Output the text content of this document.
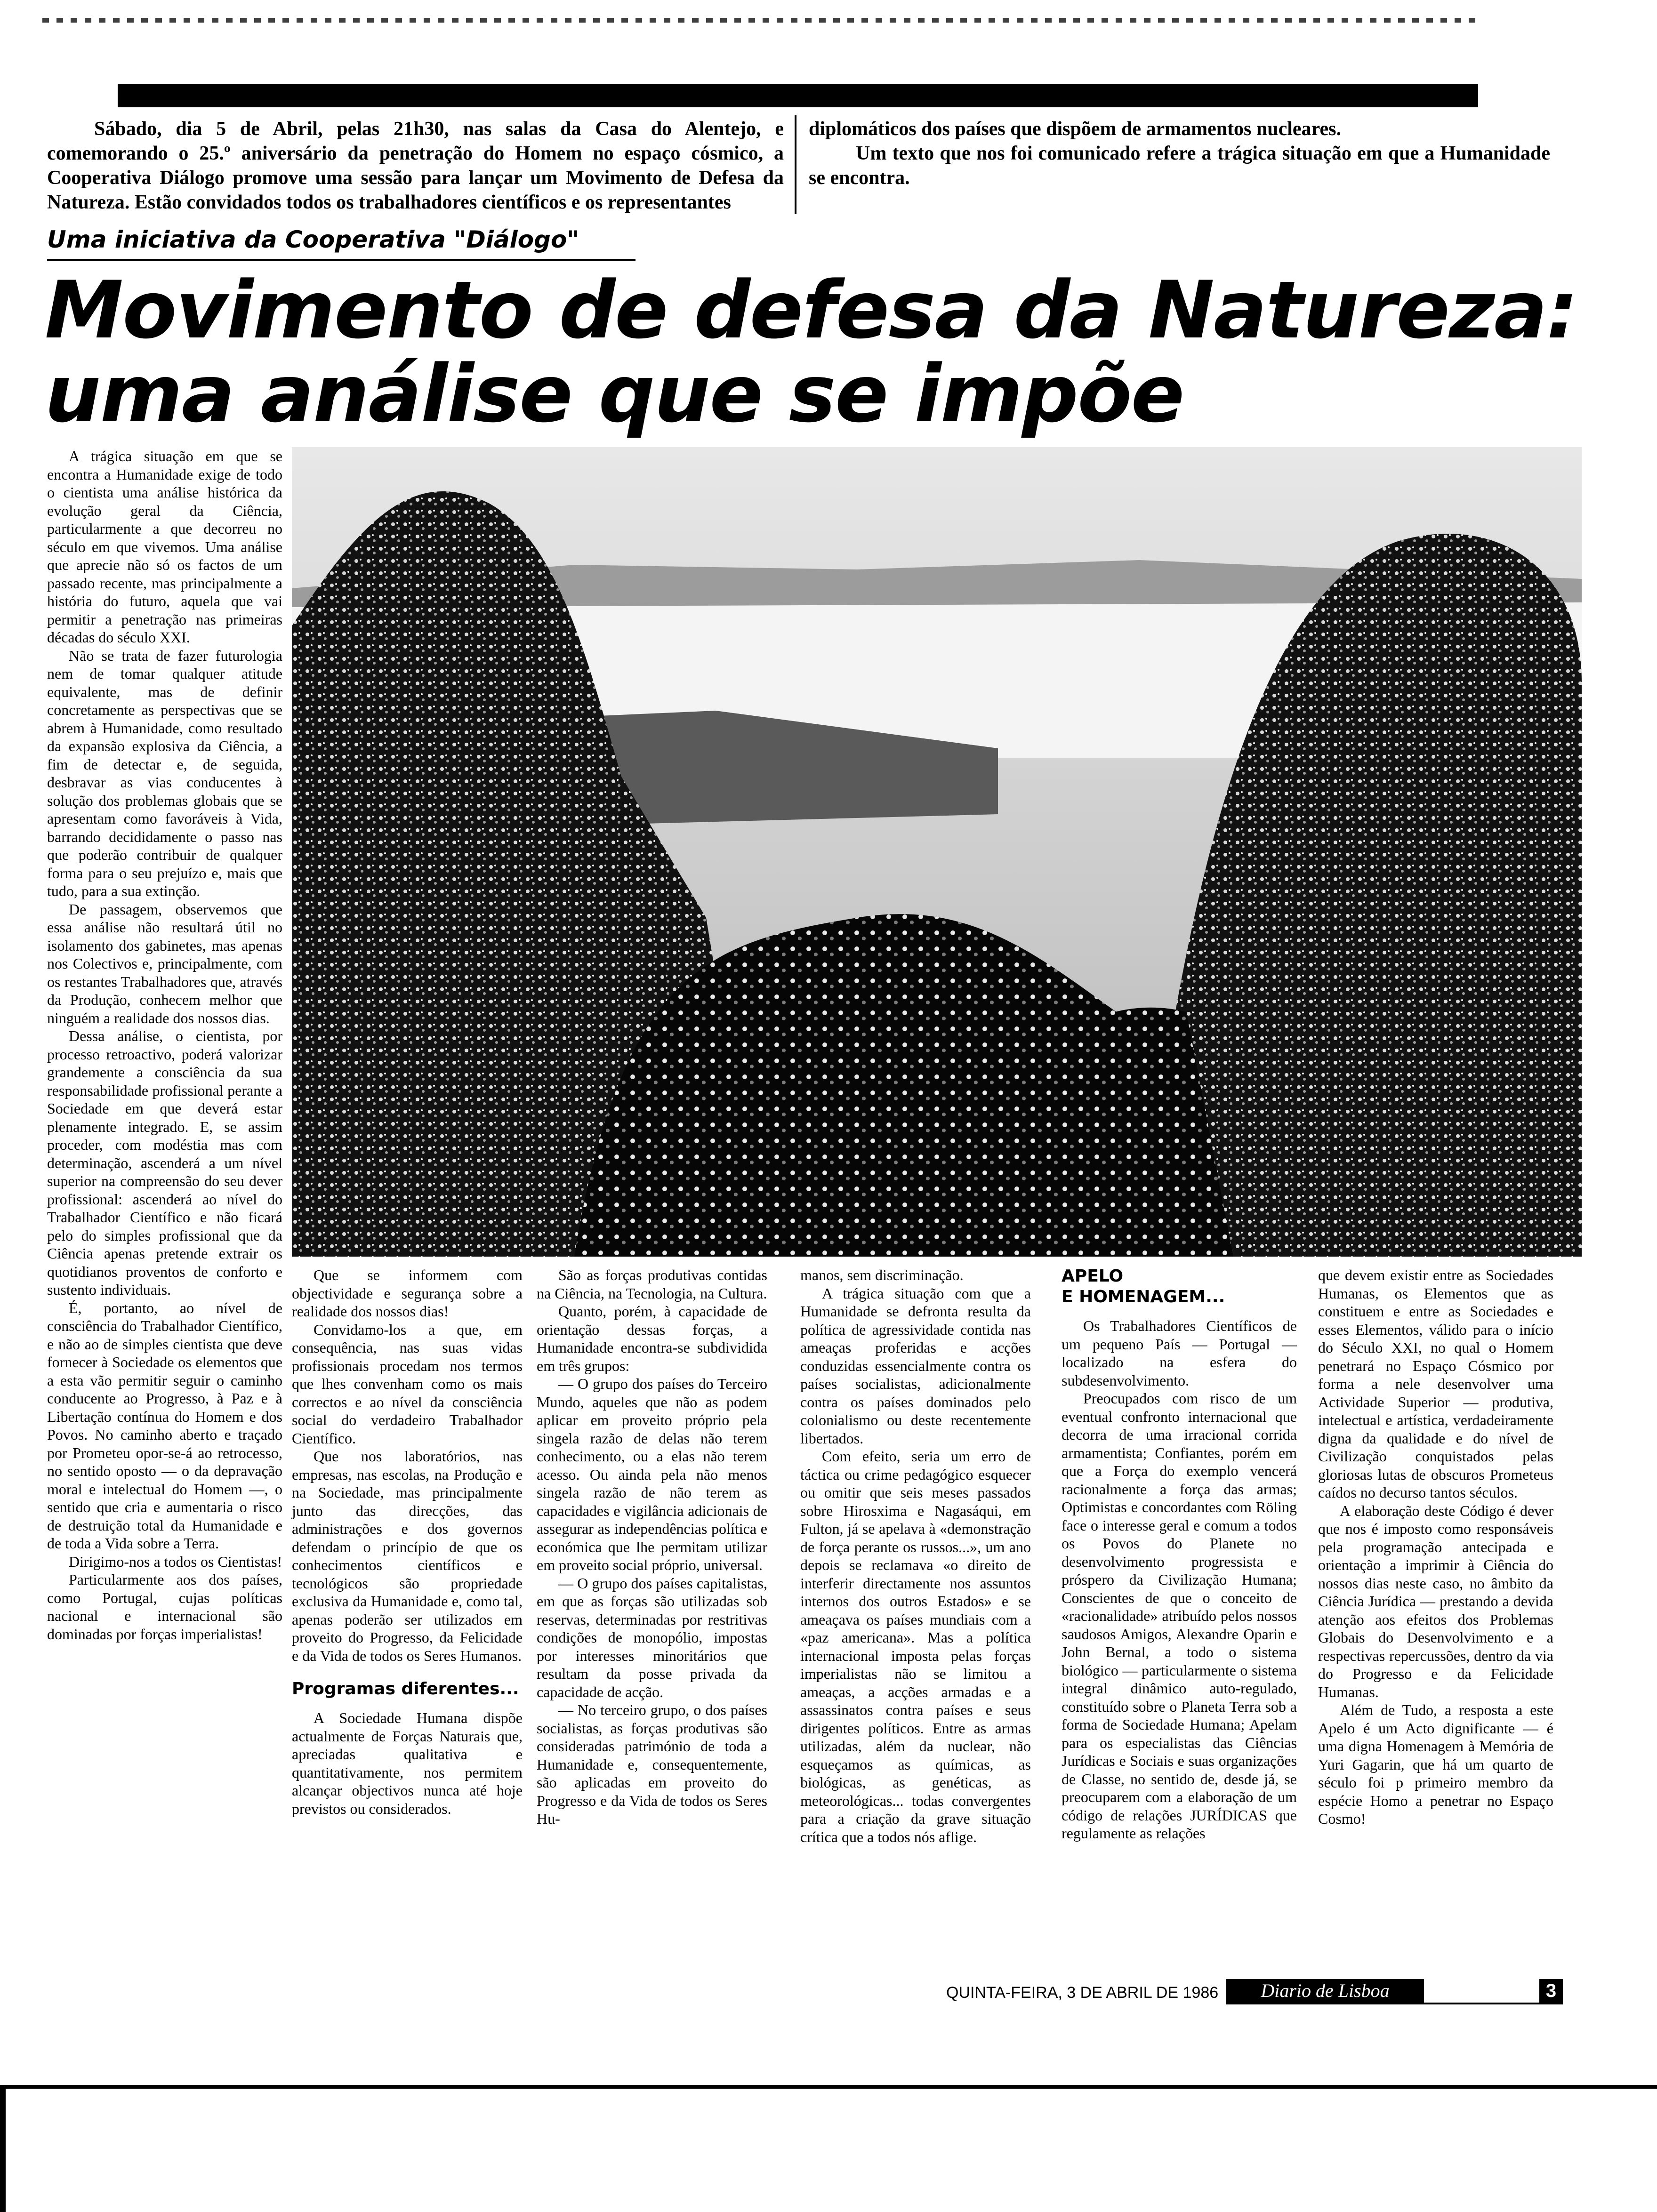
Sábado, dia 5 de Abril, pelas 21h30, nas salas da Casa do Alentejo, e comemorando o 25.º aniversário da penetração do Homem no espaço cósmico, a Cooperativa Diálogo promove uma sessão para lançar um Movimento de Defesa da Natureza. Estão convidados todos os trabalhadores científicos e os representantes

diplomáticos dos países que dispõem de armamentos nucleares.

Um texto que nos foi comunicado refere a trágica situação em que a Humanidade se encontra.

Uma iniciativa da Cooperativa "Diálogo"
Movimento de defesa da Natureza:
uma análise que se impõe

A trágica situação em que se encontra a Humanidade exige de todo o cientista uma análise histórica da evolução geral da Ciência, particularmente a que decorreu no século em que vivemos. Uma análise que aprecie não só os factos de um passado recente, mas principalmente a história do futuro, aquela que vai permitir a penetração nas primeiras décadas do século XXI.

Não se trata de fazer futurologia nem de tomar qualquer atitude equivalente, mas de definir concretamente as perspectivas que se abrem à Humanidade, como resultado da expansão explosiva da Ciência, a fim de detectar e, de seguida, desbravar as vias conducentes à solução dos problemas globais que se apresentam como favoráveis à Vida, barrando decididamente o passo nas que poderão contribuir de qualquer forma para o seu prejuízo e, mais que tudo, para a sua extinção.

De passagem, observemos que essa análise não resultará útil no isolamento dos gabinetes, mas apenas nos Colectivos e, principalmente, com os restantes Trabalhadores que, através da Produção, conhecem melhor que ninguém a realidade dos nossos dias.

Dessa análise, o cientista, por processo retroactivo, poderá valorizar grandemente a consciência da sua responsabilidade profissional perante a Sociedade em que deverá estar plenamente integrado. E, se assim proceder, com modéstia mas com determinação, ascenderá a um nível superior na compreensão do seu dever profissional: ascenderá ao nível do Trabalhador Científico e não ficará pelo do simples profissional que da Ciência apenas pretende extrair os quotidianos proventos de conforto e sustento individuais.

É, portanto, ao nível de consciência do Trabalhador Científico, e não ao de simples cientista que deve fornecer à Sociedade os elementos que a esta vão permitir seguir o caminho conducente ao Progresso, à Paz e à Libertação contínua do Homem e dos Povos. No caminho aberto e traçado por Prometeu opor-se-á ao retrocesso, no sentido oposto — o da depravação moral e intelectual do Homem —, o sentido que cria e aumentaria o risco de destruição total da Humanidade e de toda a Vida sobre a Terra.

Dirigimo-nos a todos os Cientistas!

Particularmente aos dos países, como Portugal, cujas políticas nacional e internacional são dominadas por forças imperialistas!

Que se informem com objectividade e segurança sobre a realidade dos nossos dias!

Convidamo-los a que, em consequência, nas suas vidas profissionais procedam nos termos que lhes convenham como os mais correctos e ao nível da consciência social do verdadeiro Trabalhador Científico.

Que nos laboratórios, nas empresas, nas escolas, na Produção e na Sociedade, mas principalmente junto das direcções, das administrações e dos governos defendam o princípio de que os conhecimentos científicos e tecnológicos são propriedade exclusiva da Humanidade e, como tal, apenas poderão ser utilizados em proveito do Progresso, da Felicidade e da Vida de todos os Seres Humanos.

Programas diferentes...

A Sociedade Humana dispõe actualmente de Forças Naturais que, apreciadas qualitativa e quantitativamente, nos permitem alcançar objectivos nunca até hoje previstos ou considerados.

São as forças produtivas contidas na Ciência, na Tecnologia, na Cultura.

Quanto, porém, à capacidade de orientação dessas forças, a Humanidade encontra-se subdividida em três grupos:

— O grupo dos países do Terceiro Mundo, aqueles que não as podem aplicar em proveito próprio pela singela razão de delas não terem conhecimento, ou a elas não terem acesso. Ou ainda pela não menos singela razão de não terem as capacidades e vigilância adicionais de assegurar as independências política e económica que lhe permitam utilizar em proveito social próprio, universal.

— O grupo dos países capitalistas, em que as forças são utilizadas sob reservas, determinadas por restritivas condições de monopólio, impostas por interesses minoritários que resultam da posse privada da capacidade de acção.

— No terceiro grupo, o dos países socialistas, as forças produtivas são consideradas património de toda a Humanidade e, consequentemente, são aplicadas em proveito do Progresso e da Vida de todos os Seres Hu-

manos, sem discriminação.

A trágica situação com que a Humanidade se defronta resulta da política de agressividade contida nas ameaças proferidas e acções conduzidas essencialmente contra os países socialistas, adicionalmente contra os países dominados pelo colonialismo ou deste recentemente libertados.

Com efeito, seria um erro de táctica ou crime pedagógico esquecer ou omitir que seis meses passados sobre Hirosxima e Nagasáqui, em Fulton, já se apelava à «demonstração de força perante os russos...», um ano depois se reclamava «o direito de interferir directamente nos assuntos internos dos outros Estados» e se ameaçava os países mundiais com a «paz americana». Mas a política internacional imposta pelas forças imperialistas não se limitou a ameaças, a acções armadas e a assassinatos contra países e seus dirigentes políticos. Entre as armas utilizadas, além da nuclear, não esqueçamos as químicas, as biológicas, as genéticas, as meteorológicas... todas convergentes para a criação da grave situação crítica que a todos nós aflige.

APELO
E HOMENAGEM...

Os Trabalhadores Científicos de um pequeno País — Portugal — localizado na esfera do subdesenvolvimento.

Preocupados com risco de um eventual confronto internacional que decorra de uma irracional corrida armamentista; Confiantes, porém em que a Força do exemplo vencerá racionalmente a força das armas; Optimistas e concordantes com Röling face o interesse geral e comum a todos os Povos do Planete no desenvolvimento progressista e próspero da Civilização Humana; Conscientes de que o conceito de «racionalidade» atribuído pelos nossos saudosos Amigos, Alexandre Oparin e John Bernal, a todo o sistema biológico — particularmente o sistema integral dinâmico auto-regulado, constituído sobre o Planeta Terra sob a forma de Sociedade Humana; Apelam para os especialistas das Ciências Jurídicas e Sociais e suas organizações de Classe, no sentido de, desde já, se preocuparem com a elaboração de um código de relações JURÍDICAS que regulamente as relações

que devem existir entre as Sociedades Humanas, os Elementos que as constituem e entre as Sociedades e esses Elementos, válido para o início do Século XXI, no qual o Homem penetrará no Espaço Cósmico por forma a nele desenvolver uma Actividade Superior — produtiva, intelectual e artística, verdadeiramente digna da qualidade e do nível de Civilização conquistados pelas gloriosas lutas de obscuros Prometeus caídos no decurso tantos séculos.

A elaboração deste Código é dever que nos é imposto como responsáveis pela programação antecipada e orientação a imprimir à Ciência do nossos dias neste caso, no âmbito da Ciência Jurídica — prestando a devida atenção aos efeitos dos Problemas Globais do Desenvolvimento e a respectivas repercussões, dentro da via do Progresso e da Felicidade Humanas.

Além de Tudo, a resposta a este Apelo é um Acto dignificante — é uma digna Homenagem à Memória de Yuri Gagarin, que há um quarto de século foi p primeiro membro da espécie Homo a penetrar no Espaço Cosmo!

QUINTA-FEIRA, 3 DE ABRIL DE 1986	Diario de Lisboa	3
